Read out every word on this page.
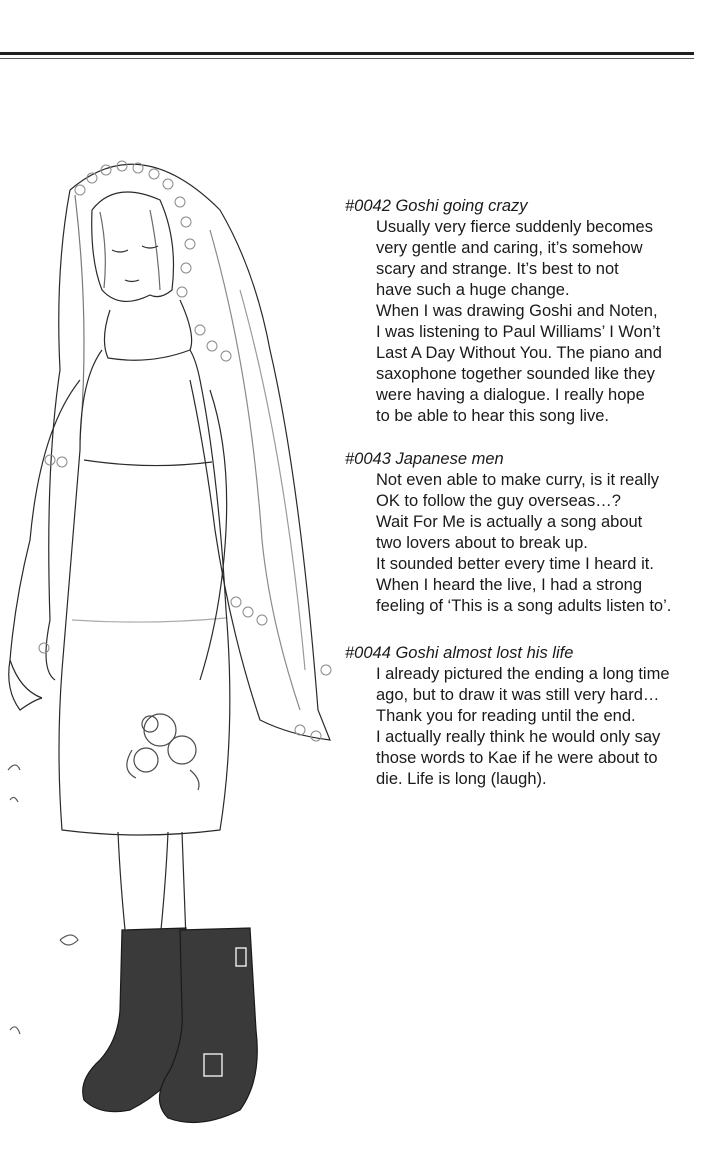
#0042 Goshi going crazy

Usually very fierce suddenly becomes

very gentle and caring, it’s somehow

scary and strange. It’s best to not

have such a huge change.

When I was drawing Goshi and Noten,

I was listening to Paul Williams’ I Won’t

Last A Day Without You. The piano and

saxophone together sounded like they

were having a dialogue. I really hope

to be able to hear this song live.

#0043 Japanese men

Not even able to make curry, is it really

OK to follow the guy overseas…?

Wait For Me is actually a song about

two lovers about to break up.

It sounded better every time I heard it.

When I heard the live, I had a strong

feeling of ‘This is a song adults listen to’.

#0044 Goshi almost lost his life

I already pictured the ending a long time

ago, but to draw it was still very hard…

Thank you for reading until the end.

I actually really think he would only say

those words to Kae if he were about to

die. Life is long (laugh).
